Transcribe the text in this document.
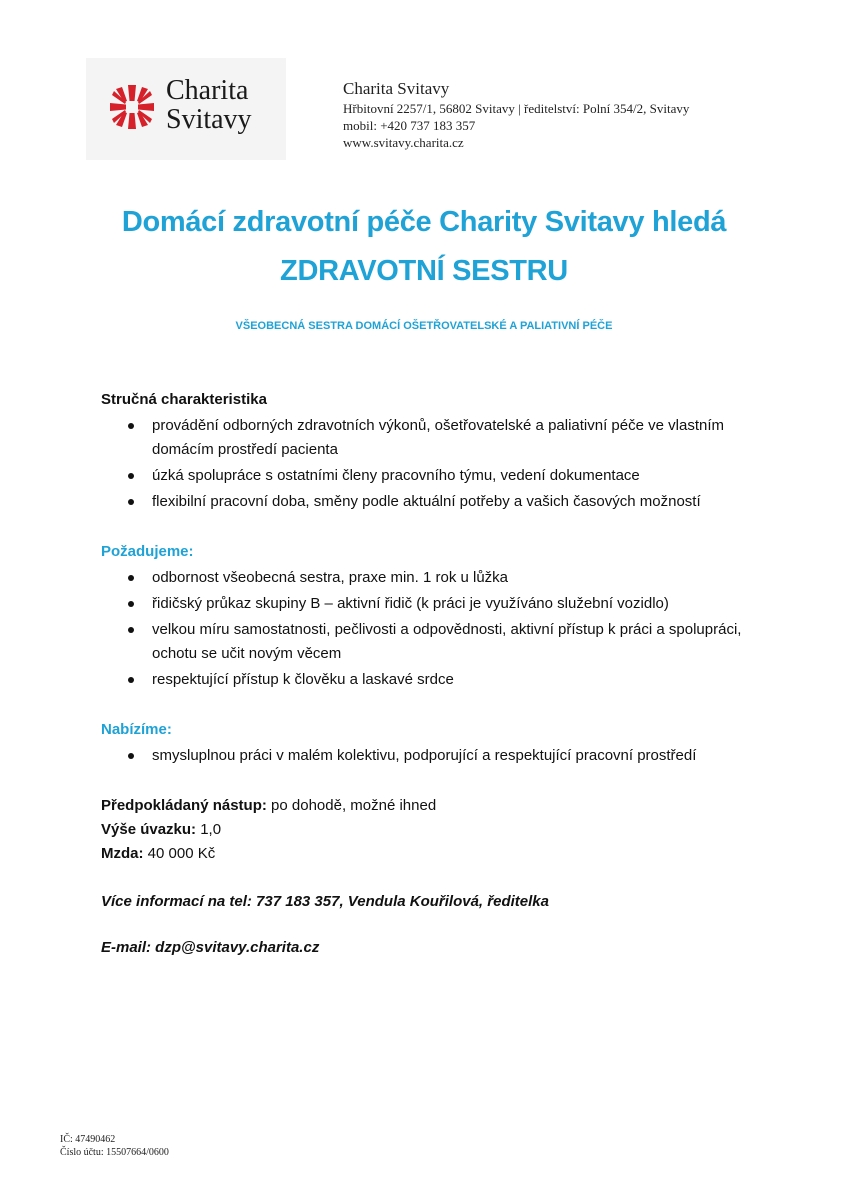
Charita
Svitavy
Charita Svitavy
Hřbitovní 2257/1, 56802 Svitavy | ředitelství: Polní 354/2, Svitavy
mobil: +420 737 183 357
www.svitavy.charita.cz
Domácí zdravotní péče Charity Svitavy hledá
ZDRAVOTNÍ SESTRU
VŠEOBECNÁ SESTRA DOMÁCÍ OŠETŘOVATELSKÉ A PALIATIVNÍ PÉČE

Stručná charakteristika

provádění odborných zdravotních výkonů, ošetřovatelské a paliativní péče ve vlastním domácím prostředí pacienta
úzká spolupráce s ostatními členy pracovního týmu, vedení dokumentace
flexibilní pracovní doba, směny podle aktuální potřeby a vašich časových možností

Požadujeme:

odbornost všeobecná sestra, praxe min. 1 rok u lůžka
řidičský průkaz skupiny B – aktivní řidič (k práci je využíváno služební vozidlo)
velkou míru samostatnosti, pečlivosti a odpovědnosti, aktivní přístup k práci a spolupráci, ochotu se učit novým věcem
respektující přístup k člověku a laskavé srdce

Nabízíme:

smysluplnou práci v malém kolektivu, podporující a respektující pracovní prostředí

Předpokládaný nástup: po dohodě, možné ihned

Výše úvazku: 1,0

Mzda: 40 000 Kč

Více informací na tel: 737 183 357, Vendula Kouřilová, ředitelka

E-mail: dzp@svitavy.charita.cz

IČ: 47490462
Číslo účtu: 15507664/0600
